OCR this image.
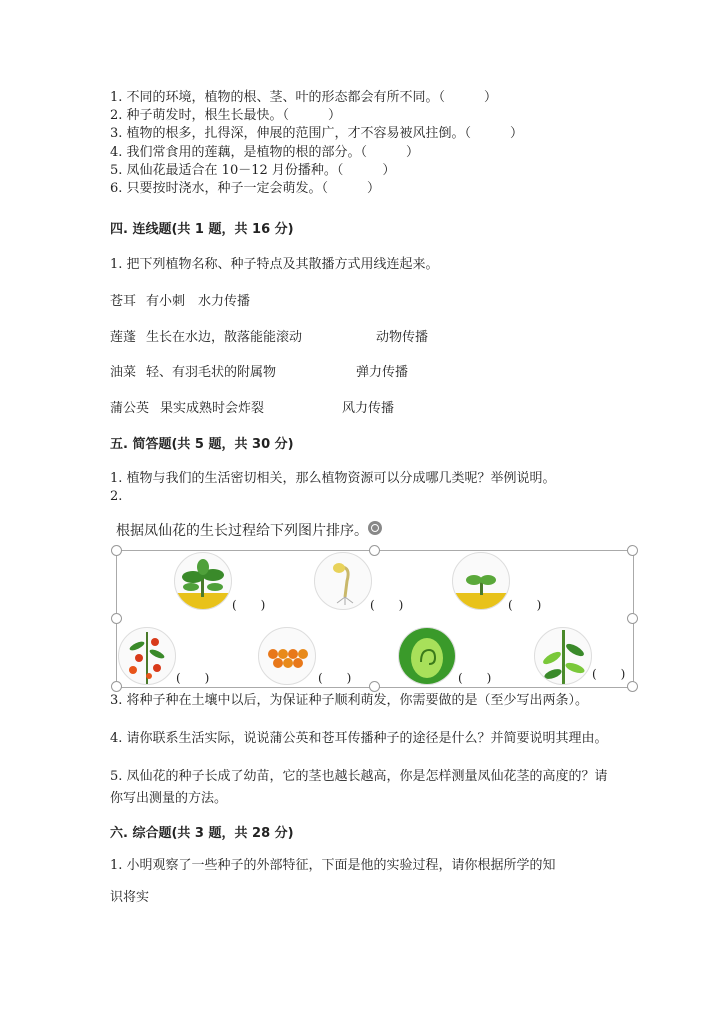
1. 不同的环境，植物的根、茎、叶的形态都会有所不同。（　　　）
2. 种子萌发时，根生长最快。（　　　）
3. 植物的根多，扎得深，伸展的范围广，才不容易被风拄倒。（　　　）
4. 我们常食用的莲藕，是植物的根的部分。（　　　）
5. 凤仙花最适合在 10－12 月份播种。（　　　）
6. 只要按时浇水，种子一定会萌发。（　　　）
四. 连线题(共 1 题，共 16 分)
1. 把下列植物名称、种子特点及其散播方式用线连起来。
苍耳 有小刺 水力传播
莲蓬 生长在水边，散落能能滚动	动物传播
油菜 轻、有羽毛状的附属物	弹力传播
蒲公英 果实成熟时会炸裂	风力传播
五. 简答题(共 5 题，共 30 分)
1. 植物与我们的生活密切相关，那么植物资源可以分成哪几类呢？举例说明。
2.
根据凤仙花的生长过程给下列图片排序。
(　　)	(　　)	(　　)
(　　)	(　　)	(　　)	(　　)
3. 将种子种在土壤中以后，为保证种子顺利萌发，你需要做的是（至少写出两条）。
4. 请你联系生活实际，说说蒲公英和苍耳传播种子的途径是什么？并简要说明其理由。
5. 凤仙花的种子长成了幼苗，它的茎也越长越高，你是怎样测量凤仙花茎的高度的？请你写出测量的方法。
六. 综合题(共 3 题，共 28 分)
1. 小明观察了一些种子的外部特征，下面是他的实验过程，请你根据所学的知
识将实
